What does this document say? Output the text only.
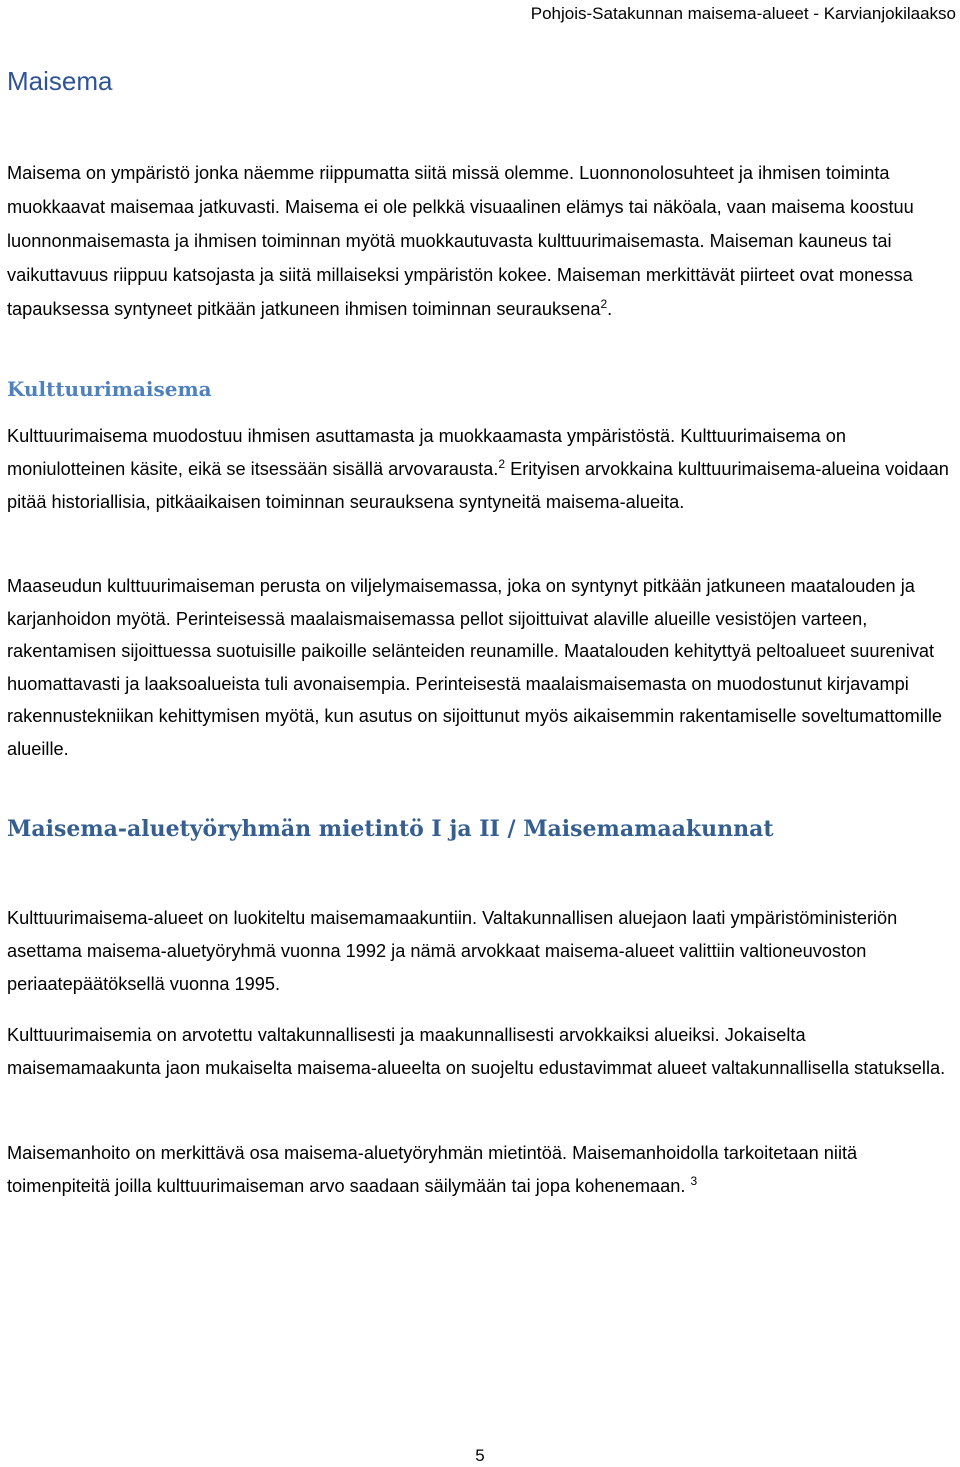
Pohjois-Satakunnan maisema-alueet - Karvianjokilaakso
Maisema

Maisema on ympäristö jonka näemme riippumatta siitä missä olemme. Luonnonolosuhteet ja ihmisen toiminta muokkaavat maisemaa jatkuvasti. Maisema ei ole pelkkä visuaalinen elämys tai näköala, vaan maisema koostuu luonnonmaisemasta ja ihmisen toiminnan myötä muokkautuvasta kulttuurimaisemasta. Maiseman kauneus tai vaikuttavuus riippuu katsojasta ja siitä millaiseksi ympäristön kokee. Maiseman merkittävät piirteet ovat monessa tapauksessa syntyneet pitkään jatkuneen ihmisen toiminnan seurauksena$^2$.

Kulttuurimaisema

Kulttuurimaisema muodostuu ihmisen asuttamasta ja muokkaamasta ympäristöstä. Kulttuurimaisema on moniulotteinen käsite, eikä se itsessään sisällä arvovarausta.$^2$ Erityisen arvokkaina kulttuurimaisema-alueina voidaan pitää historiallisia, pitkäaikaisen toiminnan seurauksena syntyneitä maisema-alueita.

Maaseudun kulttuurimaiseman perusta on viljelymaisemassa, joka on syntynyt pitkään jatkuneen maatalouden ja karjanhoidon myötä. Perinteisessä maalaismaisemassa pellot sijoittuivat alaville alueille vesistöjen varteen, rakentamisen sijoittuessa suotuisille paikoille selänteiden reunamille. Maatalouden kehityttyä peltoalueet suurenivat huomattavasti ja laaksoalueista tuli avonaisempia. Perinteisestä maalaismaisemasta on muodostunut kirjavampi rakennustekniikan kehittymisen myötä, kun asutus on sijoittunut myös aikaisemmin rakentamiselle soveltumattomille alueille.

Maisema-aluetyöryhmän mietintö I ja II / Maisemamaakunnat

Kulttuurimaisema-alueet on luokiteltu maisemamaakuntiin. Valtakunnallisen aluejaon laati ympäristöministeriön asettama maisema-aluetyöryhmä vuonna 1992 ja nämä arvokkaat maisema-alueet valittiin valtioneuvoston periaatepäätöksellä vuonna 1995.

Kulttuurimaisemia on arvotettu valtakunnallisesti ja maakunnallisesti arvokkaiksi alueiksi. Jokaiselta maisemamaakunta jaon mukaiselta maisema-alueelta on suojeltu edustavimmat alueet valtakunnallisella statuksella.

Maisemanhoito on merkittävä osa maisema-aluetyöryhmän mietintöä. Maisemanhoidolla tarkoitetaan niitä toimenpiteitä joilla kulttuurimaiseman arvo saadaan säilymään tai jopa kohenemaan. $^3$

5
